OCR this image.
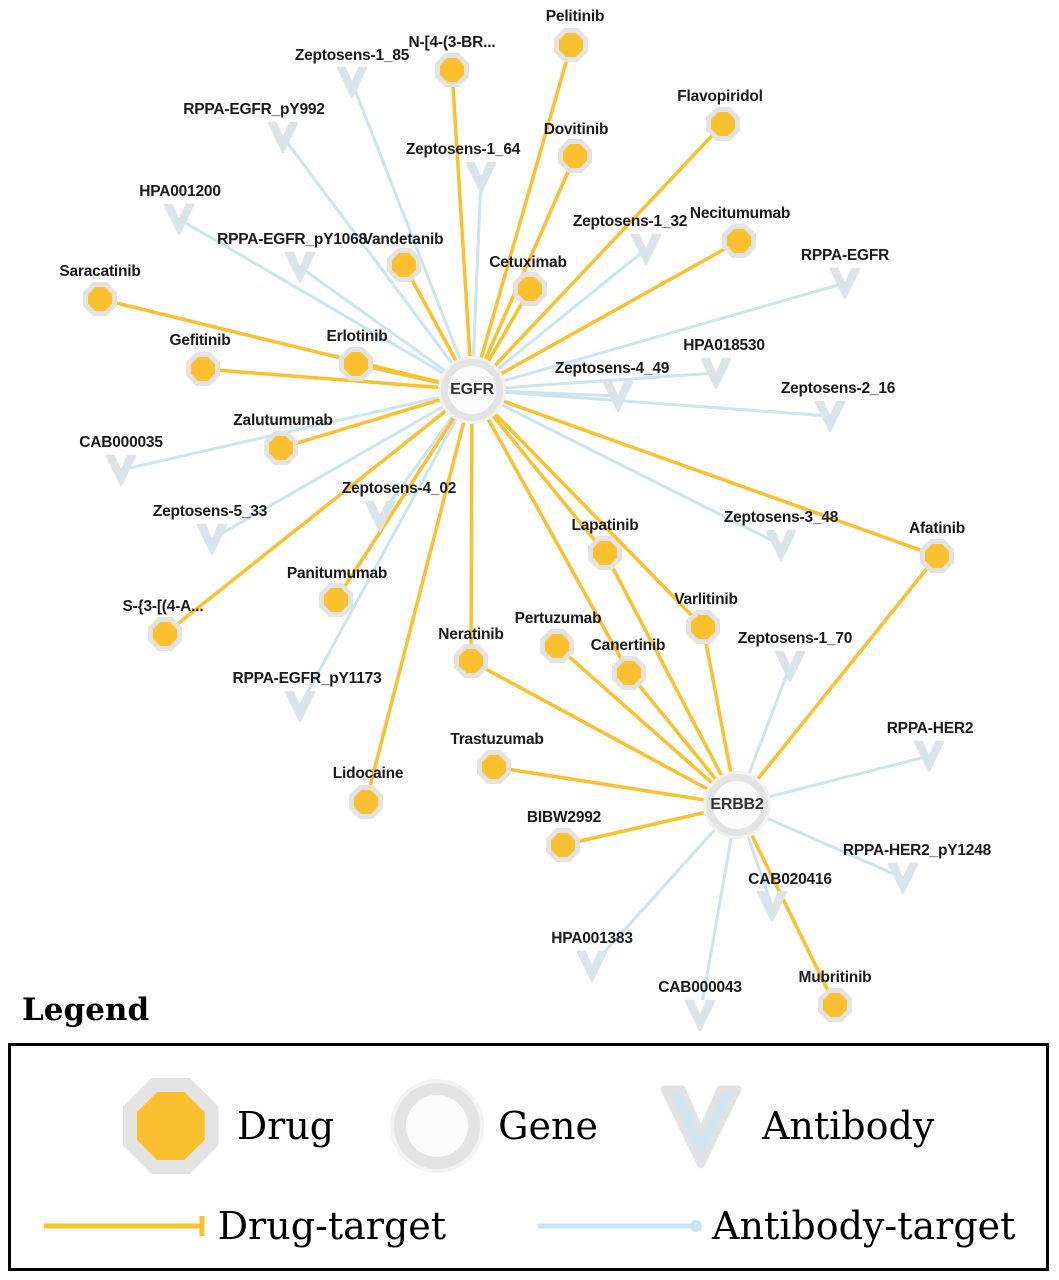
Pelitinib
N-[4-(3-BR...
Flavopiridol
Dovitinib
Necitumumab
Vandetanib
Cetuximab
Saracatinib
Gefitinib	Erlotinib
Zalutumumab
Panitumumab
S-{3-[(4-A...
Lidocaine
Lapatinib	Afatinib
Varlitinib
Pertuzumab
Neratinib
Canertinib
Trastuzumab
BIBW2992
Mubritinib
Zeptosens-1_85
RPPA-EGFR_pY992
Zeptosens-1_64
HPA001200
Zeptosens-1_32
RPPA-EGFR_pY1068
RPPA-EGFR
HPA018530
Zeptosens-4_49
Zeptosens-2_16
CAB000035
Zeptosens-4_02
Zeptosens-5_33	Zeptosens-3_48
RPPA-EGFR_pY1173
Zeptosens-1_70
RPPA-HER2
RPPA-HER2_pY1248
CAB020416
HPA001383
CAB000043
EGFR
ERBB2
Legend
Drug	Gene	Antibody
Drug-target	Antibody-target
